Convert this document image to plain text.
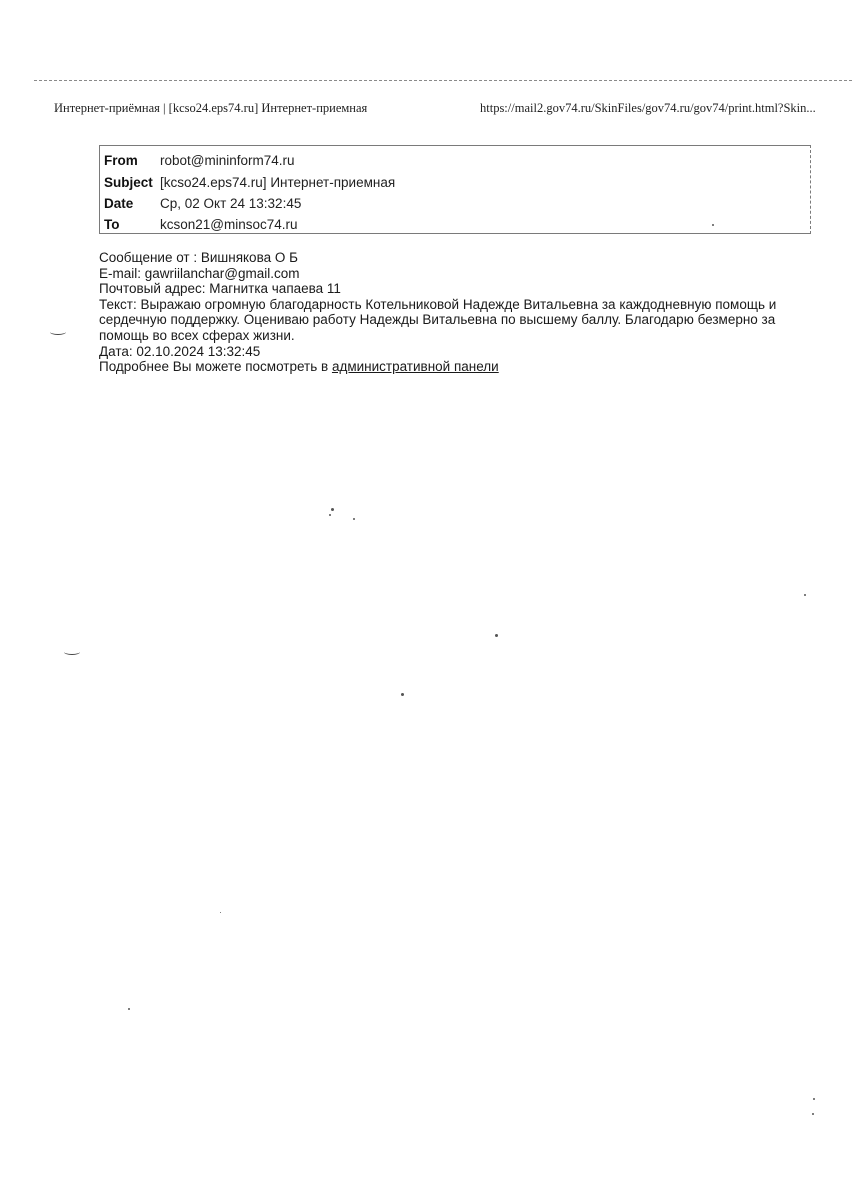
Интернет-приёмная | [kcso24.eps74.ru] Интернет-приемная	https://mail2.gov74.ru/SkinFiles/gov74.ru/gov74/print.html?Skin...
From robot@mininform74.ru
Subject [kcso24.eps74.ru] Интернет-приемная
Date Ср, 02 Окт 24 13:32:45
To	kcson21@minsoc74.ru
Сообщение от : Вишнякова О Б
E-mail: gawriilanchar@gmail.com
Почтовый адрес: Магнитка чапаева 11
Текст: Выражаю огромную благодарность Котельниковой Надежде Витальевна за каждодневную помощь и сердечную поддержку. Оцениваю работу Надежды Витальевна по высшему баллу. Благодарю безмерно за помощь во всех сферах жизни.
Дата: 02.10.2024 13:32:45
Подробнее Вы можете посмотреть в административной панели
